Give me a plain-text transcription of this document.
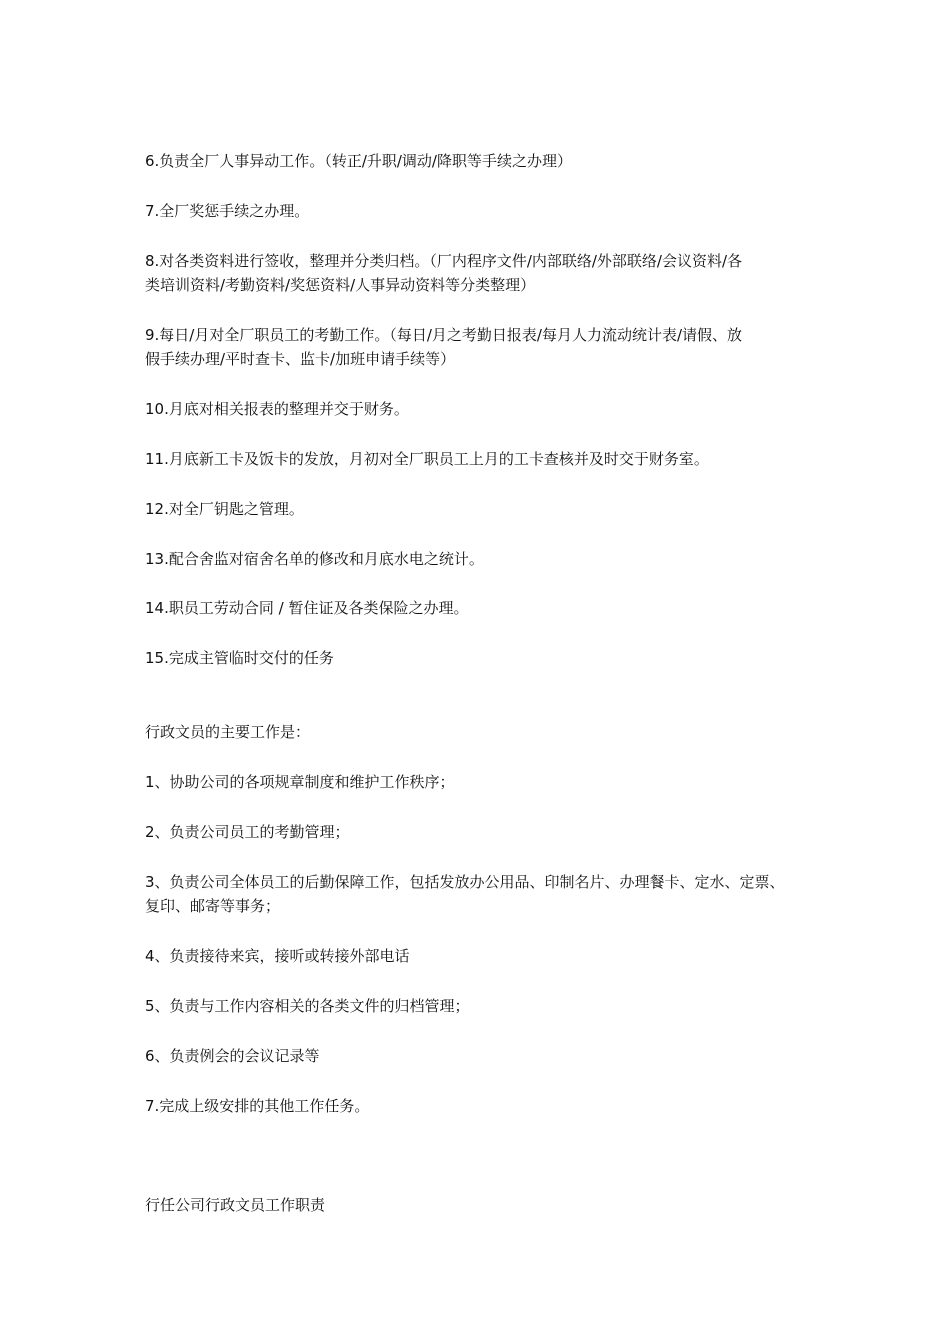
6.负责全厂人事异动工作。（转正/升职/调动/降职等手续之办理）

7.全厂奖惩手续之办理。

8.对各类资料进行签收，整理并分类归档。（厂内程序文件/内部联络/外部联络/会议资料/各

类培训资料/考勤资料/奖惩资料/人事异动资料等分类整理）

9.每日/月对全厂职员工的考勤工作。（每日/月之考勤日报表/每月人力流动统计表/请假、放

假手续办理/平时查卡、监卡/加班申请手续等）

10.月底对相关报表的整理并交于财务。

11.月底新工卡及饭卡的发放，月初对全厂职员工上月的工卡查核并及时交于财务室。

12.对全厂钥匙之管理。

13.配合舍监对宿舍名单的修改和月底水电之统计。

14.职员工劳动合同 / 暂住证及各类保险之办理。

15.完成主管临时交付的任务

行政文员的主要工作是：

1、协助公司的各项规章制度和维护工作秩序；

2、负责公司员工的考勤管理；

3、负责公司全体员工的后勤保障工作，包括发放办公用品、印制名片、办理餐卡、定水、定票、

复印、邮寄等事务；

4、负责接待来宾，接听或转接外部电话

5、负责与工作内容相关的各类文件的归档管理；

6、负责例会的会议记录等

7.完成上级安排的其他工作任务。

行任公司行政文员工作职责
